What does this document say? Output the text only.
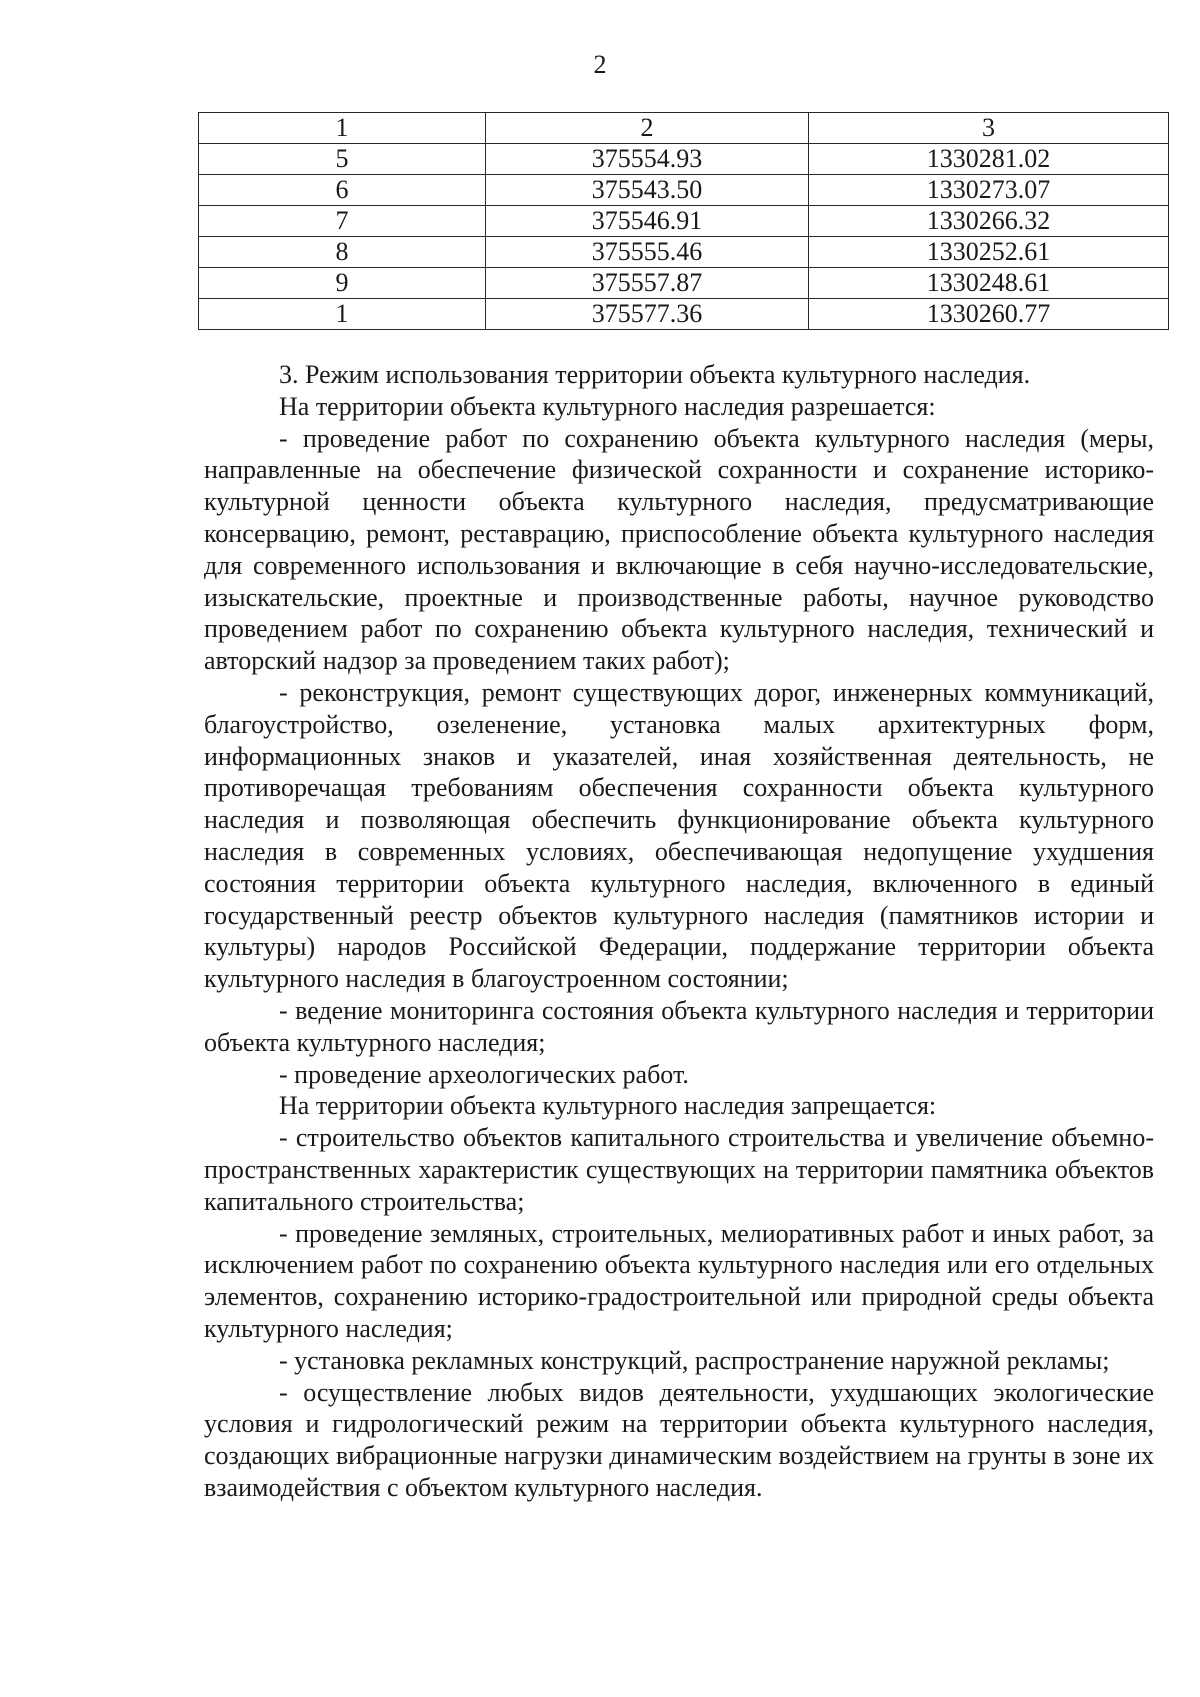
2
1	2	3
5	375554.93	1330281.02
6	375543.50	1330273.07
7	375546.91	1330266.32
8	375555.46	1330252.61
9	375557.87	1330248.61
1	375577.36	1330260.77

3. Режим использования территории объекта культурного наследия.

На территории объекта культурного наследия разрешается:

- проведение работ по сохранению объекта культурного наследия (меры, направленные на обеспечение физической сохранности и сохранение историко-культурной ценности объекта культурного наследия, предусматривающие консервацию, ремонт, реставрацию, приспособление объекта культурного наследия для современного использования и включающие в себя научно-исследовательские, изыскательские, проектные и производственные работы, научное руководство проведением работ по сохранению объекта культурного наследия, технический и авторский надзор за проведением таких работ);

- реконструкция, ремонт существующих дорог, инженерных коммуникаций, благоустройство, озеленение, установка малых архитектурных форм, информационных знаков и указателей, иная хозяйственная деятельность, не противоречащая требованиям обеспечения сохранности объекта культурного наследия и позволяющая обеспечить функционирование объекта культурного наследия в современных условиях, обеспечивающая недопущение ухудшения состояния территории объекта культурного наследия, включенного в единый государственный реестр объектов культурного наследия (памятников истории и культуры) народов Российской Федерации, поддержание территории объекта культурного наследия в благоустроенном состоянии;

- ведение мониторинга состояния объекта культурного наследия и территории объекта культурного наследия;

- проведение археологических работ.

На территории объекта культурного наследия запрещается:

- строительство объектов капитального строительства и увеличение объемно-пространственных характеристик существующих на территории памятника объектов капитального строительства;

- проведение земляных, строительных, мелиоративных работ и иных работ, за исключением работ по сохранению объекта культурного наследия или его отдельных элементов, сохранению историко-градостроительной или природной среды объекта культурного наследия;

- установка рекламных конструкций, распространение наружной рекламы;

- осуществление любых видов деятельности, ухудшающих экологические условия и гидрологический режим на территории объекта культурного наследия, создающих вибрационные нагрузки динамическим воздействием на грунты в зоне их взаимодействия с объектом культурного наследия.
